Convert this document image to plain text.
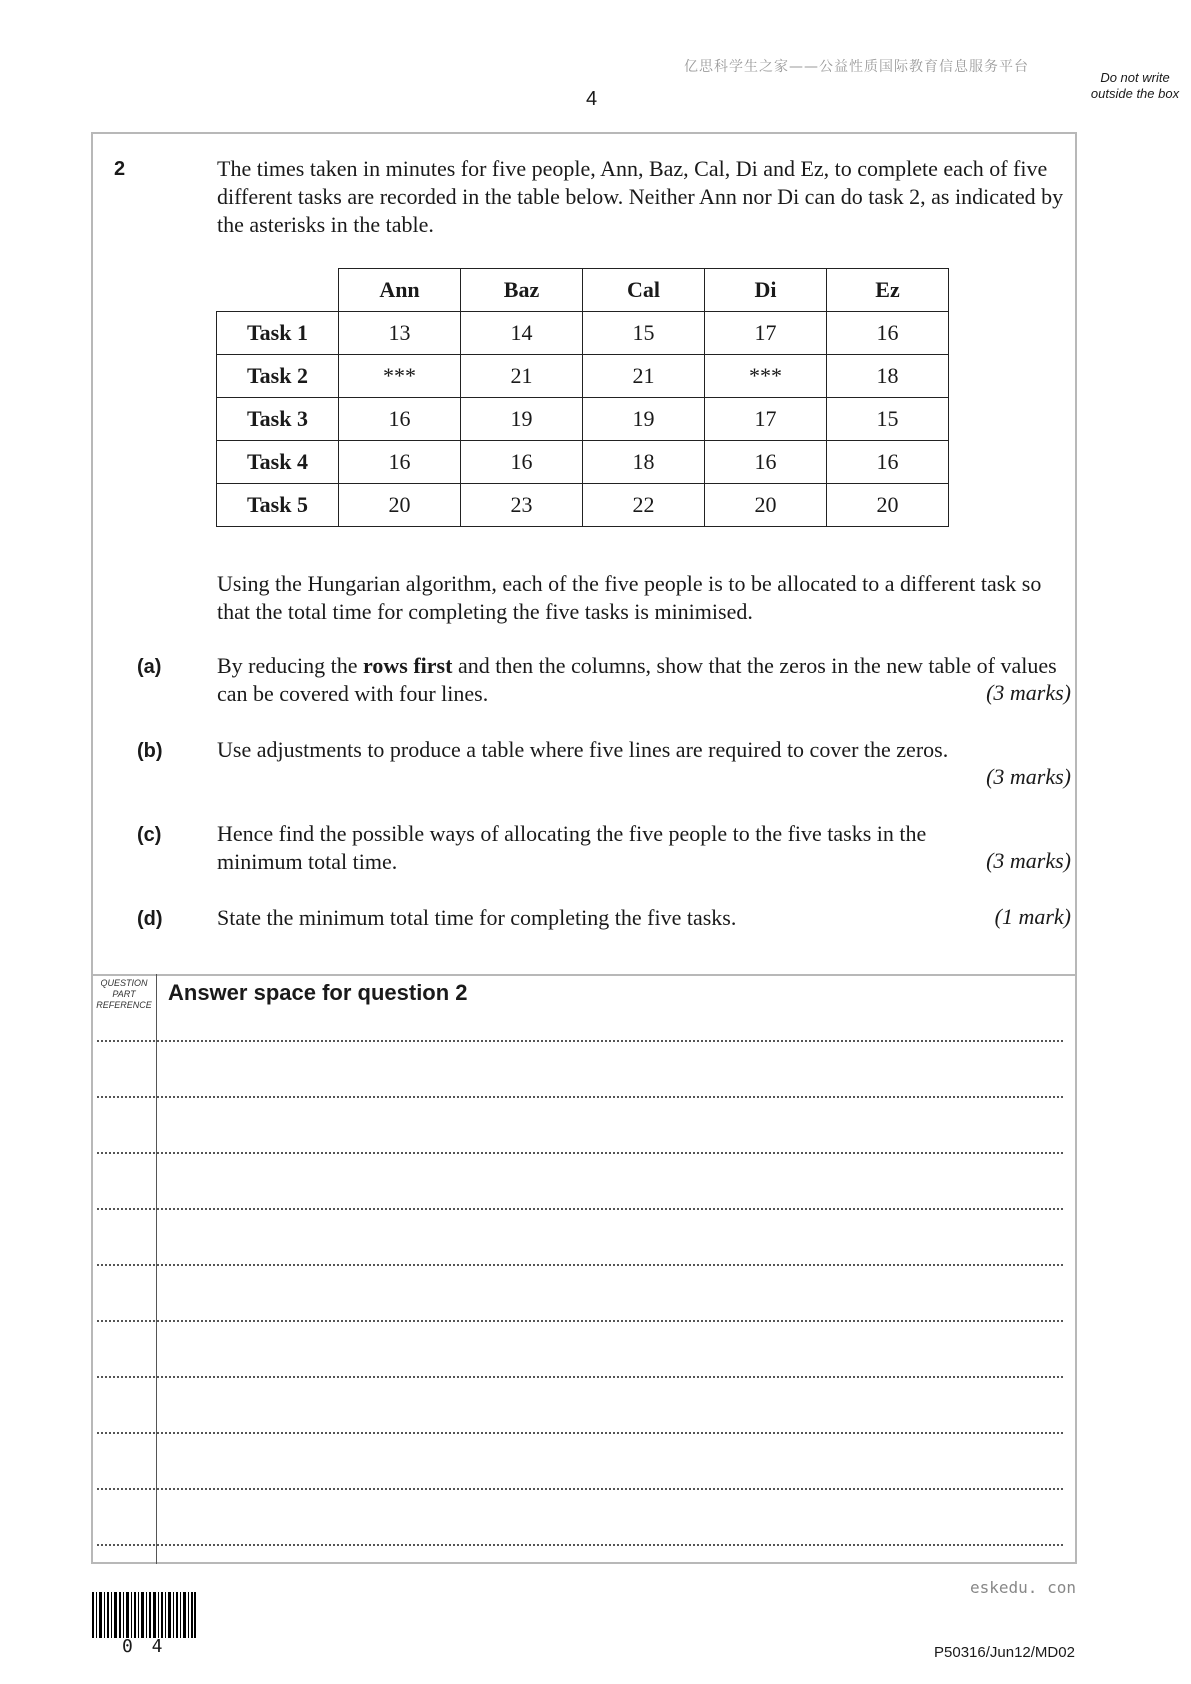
亿思科学生之家——公益性质国际教育信息服务平台
4
Do not write outside the box
2	The times taken in minutes for five people, Ann, Baz, Cal, Di and Ez, to complete each of five different tasks are recorded in the table below. Neither Ann nor Di can do task 2, as indicated by the asterisks in the table.
	Ann	Baz	Cal	Di	Ez
Task 1	13	14	15	17	16
Task 2	***	21	21	***	18
Task 3	16	19	19	17	15
Task 4	16	16	18	16	16
Task 5	20	23	22	20	20
Using the Hungarian algorithm, each of the five people is to be allocated to a different task so that the total time for completing the five tasks is minimised.
(a)	By reducing the rows first and then the columns, show that the zeros in the new table of values can be covered with four lines.	(3 marks)
(b) Use adjustments to produce a table where five lines are required to cover the zeros.
(3 marks)
(c)	Hence find the possible ways of allocating the five people to the five tasks in the minimum total time.	(3 marks)
(d) State the minimum total time for completing the five tasks.	(1 mark)
QUESTION PART REFERENCE Answer space for question 2
eskedu. con
0 4	P50316/Jun12/MD02
